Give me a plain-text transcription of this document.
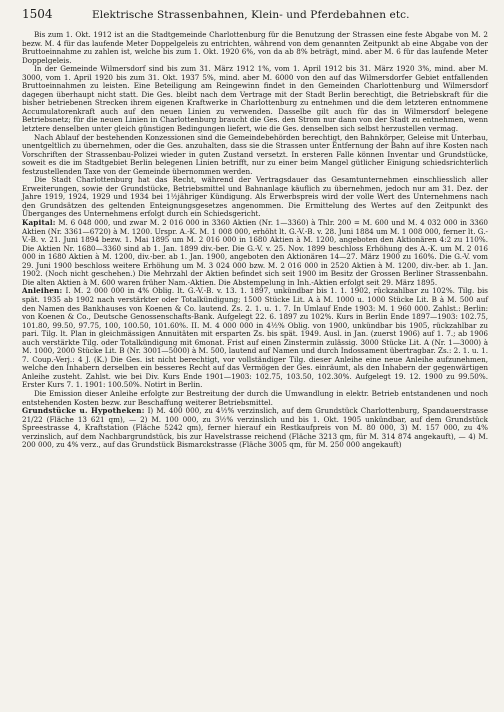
1504	Elektrische Strassenbahnen, Klein- und Pferdebahnen etc.

Bis zum 1. Okt. 1912 ist an die Stadtgemeinde Charlottenburg für die Benutzung der Strassen eine feste Abgabe von M. 2 bezw. M. 4 für das laufende Meter Doppelgeleis zu entrichten, während von dem genannten Zeitpunkt ab eine Abgabe von der Bruttoeinnahme zu zahlen ist, welche bis zum 1. Okt. 1920 6%, von da ab 8% beträgt, mind. aber M. 6 für das laufende Meter Doppelgeleis.

In der Gemeinde Wilmersdorf sind bis zum 31. März 1912 1%, vom 1. April 1912 bis 31. März 1920 3%, mind. aber M. 3000, vom 1. April 1920 bis zum 31. Okt. 1937 5%, mind. aber M. 6000 von den auf das Wilmersdorfer Gebiet entfallenden Bruttoeinnahmen zu leisten. Eine Beteiligung am Reingewinn findet in den Gemeinden Charlottenburg und Wilmersdorf dagegen überhaupt nicht statt. Die Ges. bleibt nach dem Vertrage mit der Stadt Berlin berechtigt, die Betriebskraft für die bisher betriebenen Strecken ihrem eigenen Kraftwerke in Charlottenburg zu entnehmen und die dem letzteren entnommene Accumulatorenkraft auch auf den neuen Linien zu verwenden. Dasselbe gilt auch für das in Wilmersdorf belegene Betriebsnetz; für die neuen Linien in Charlottenburg braucht die Ges. den Strom nur dann von der Stadt zu entnehmen, wenn letztere denselben unter gleich günstigen Bedingungen liefert, wie die Ges. denselben sich selbst herzustellen vermag.

Nach Ablauf der bestehenden Konzessionen sind die Gemeindebehörden berechtigt, den Bahnkörper, Geleise mit Unterbau, unentgeltlich zu übernehmen, oder die Ges. anzuhalten, dass sie die Strassen unter Entfernung der Bahn auf ihre Kosten nach Vorschriften der Strassenbau-Polizei wieder in guten Zustand versetzt. In ersteren Falle können Inventar und Grundstücke, soweit es die im Stadtgebiet Berlin belegenen Linien betrifft, nur zu einer beim Mangel gütlicher Einigung schiedsrichterlich festzustellenden Taxe von der Gemeinde übernommen werden.

Die Stadt Charlottenburg hat das Recht, während der Vertragsdauer das Gesamtunternehmen einschliesslich aller Erweiterungen, sowie der Grundstücke, Betriebsmittel und Bahnanlage käuflich zu übernehmen, jedoch nur am 31. Dez. der Jahre 1919, 1924, 1929 und 1934 bei 1½jähriger Kündigung. Als Erwerbspreis wird der volle Wert des Unternehmens nach den Grundsätzen des geltenden Enteignungsgesetzes angenommen. Die Ermittelung des Wertes auf den Zeitpunkt des Überganges des Unternehmens erfolgt durch ein Schiedsgericht.

Kapital: M. 6 048 000, und zwar M. 2 016 000 in 3360 Aktien (Nr. 1—3360) à Thlr. 200 = M. 600 und M. 4 032 000 in 3360 Aktien (Nr. 3361—6720) à M. 1200. Urspr. A.-K. M. 1 008 000, erhöht lt. G.-V.-B. v. 28. Juni 1884 um M. 1 008 000, ferner lt. G.-V.-B. v. 21. Juni 1894 bezw. 1. Mai 1895 um M. 2 016 000 in 1680 Aktien à M. 1200, angeboten den Aktionären 4:2 zu 110%. Die Aktien Nr. 1680—3360 sind ab 1. Jan. 1899 div.-ber. Die G.-V. v. 25. Nov. 1899 beschloss Erhöhung des A.-K. um M. 2 016 000 in 1680 Aktien à M. 1200, div.-ber. ab 1. Jan. 1900, angeboten den Aktionären 14—27. März 1900 zu 160%. Die G.-V. vom 29. Juni 1900 beschloss weitere Erhöhung um M. 3 024 000 bzw. M. 2 016 000 in 2520 Aktien à M. 1200, div.-ber. ab 1. Jan. 1902. (Noch nicht geschehen.) Die Mehrzahl der Aktien befindet sich seit 1900 im Besitz der Grossen Berliner Strassenbahn. Die alten Aktien à M. 600 waren früher Nam.-Aktien. Die Abstempelung in Inh.-Aktien erfolgt seit 29. März 1895.

Anleihen: I. M. 2 000 000 in 4% Oblig. lt. G.-V.-B. v. 13. 1. 1897, unkündbar bis 1. 1. 1902, rückzahlbar zu 102%. Tilg. bis spät. 1935 ab 1902 nach verstärkter oder Totalkündigung; 1500 Stücke Lit. A à M. 1000 u. 1000 Stücke Lit. B à M. 500 auf den Namen des Bankhauses von Koenen & Co. lautend. Zs. 2. 1. u. 1. 7. In Umlauf Ende 1903: M. 1 960 000. Zahlst.: Berlin: von Koenen & Co., Deutsche Genossenschafts-Bank. Aufgelegt 22. 6. 1897 zu 102%. Kurs in Berlin Ende 1897—1903: 102.75, 101.80, 99.50, 97.75, 100, 100.50, 101.60%. II. M. 4 000 000 in 4½% Oblig. von 1900, unkündbar bis 1905, rückzahlbar zu pari. Tilg. lt. Plan in gleichmässigen Annuitäten mit ersparten Zs. bis spät. 1949. Ausl. in Jan. (zuerst 1906) auf 1. 7.; ab 1906 auch verstärkte Tilg. oder Totalkündigung mit 6monat. Frist auf einen Zinstermin zulässig. 3000 Stücke Lit. A (Nr. 1—3000) à M. 1000, 2000 Stücke Lit. B (Nr. 3001—5000) à M. 500, lautend auf Namen und durch Indossament übertragbar. Zs.: 2. 1. u. 1. 7. Coup.-Verj.: 4 J. (K.) Die Ges. ist nicht berechtigt, vor vollständiger Tilg. dieser Anleihe eine neue Anleihe aufzunehmen, welche den Inhabern derselben ein besseres Recht auf das Vermögen der Ges. einräumt, als den Inhabern der gegenwärtigen Anleihe zusteht. Zahlst. wie bei Div. Kurs Ende 1901—1903: 102.75, 103.50, 102.30%. Aufgelegt 19. 12. 1900 zu 99.50%. Erster Kurs 7. 1. 1901: 100.50%. Notirt in Berlin.

Die Emission dieser Anleihe erfolgte zur Bestreitung der durch die Umwandlung in elektr. Betrieb entstandenen und noch entstehenden Kosten bezw. zur Beschaffung weiterer Betriebsmittel.

Grundstücke u. Hypotheken: I) M. 400 000, zu 4½% verzinslich, auf dem Grundstück Charlottenburg, Spandauerstrasse 21/22 (Fläche 13 621 qm), — 2) M. 100 000, zu 3½% verzinslich und bis 1. Okt. 1905 unkündbar, auf dem Grundstück Spreestrasse 4, Kraftstation (Fläche 5242 qm), ferner hierauf ein Restkaufpreis von M. 80 000, 3) M. 157 000, zu 4% verzinslich, auf dem Nachbargrundstück, bis zur Havelstrasse reichend (Fläche 3213 qm, für M. 314 874 angekauft), — 4) M. 200 000, zu 4% verz., auf das Grundstück Bismarckstrasse (Fläche 3005 qm, für M. 250 000 angekauft)
